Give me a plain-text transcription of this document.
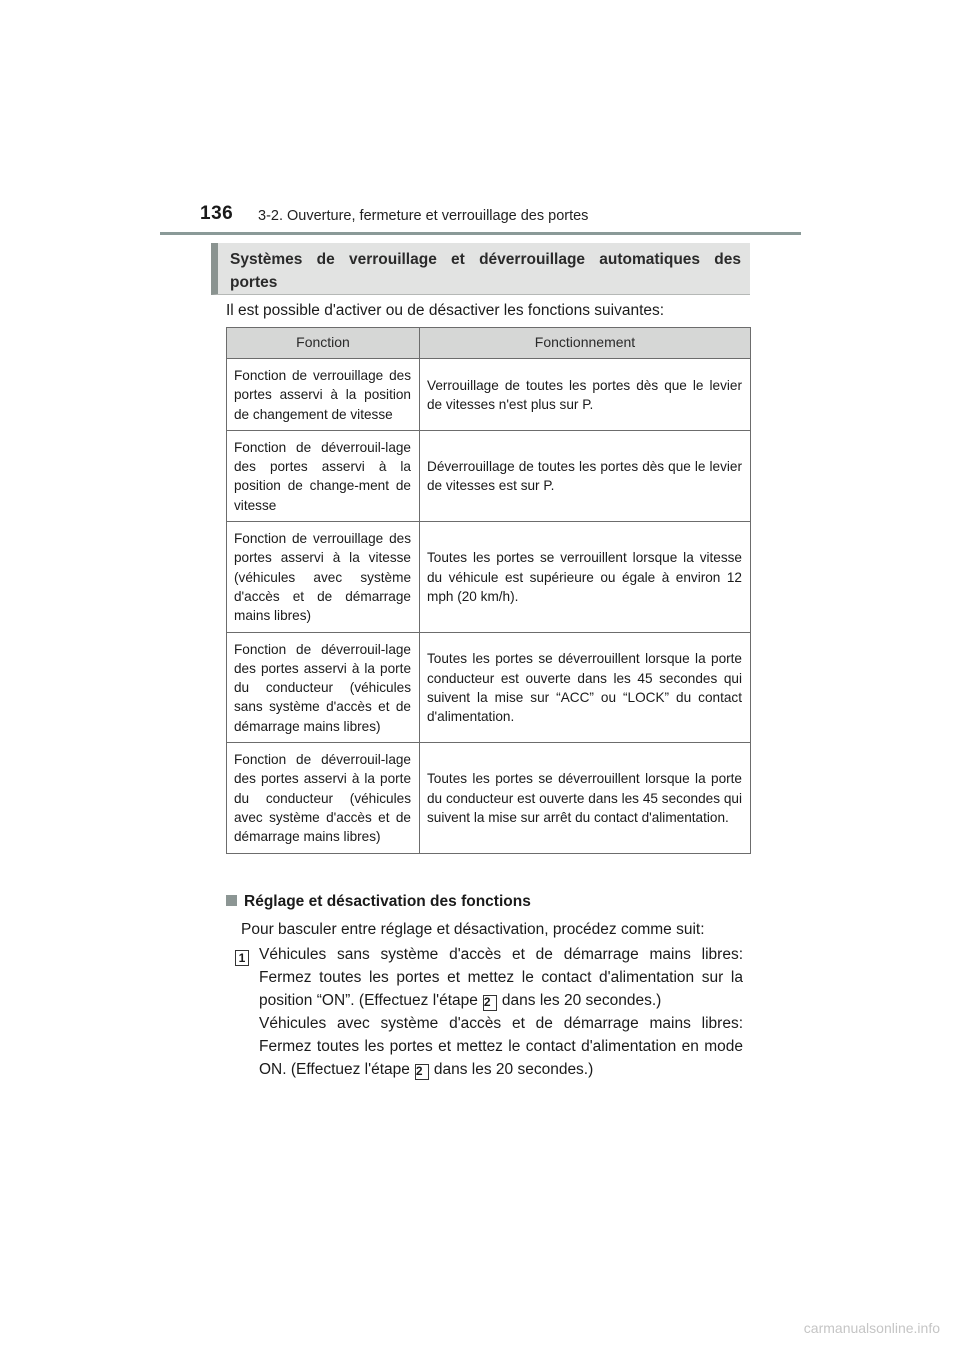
136 3-2. Ouverture, fermeture et verrouillage des portes
Systèmes de verrouillage et déverrouillage automatiques des portes
Il est possible d'activer ou de désactiver les fonctions suivantes:
Fonction	Fonctionnement
Fonction de verrouillage des portes asservi à la position de changement de vitesse	Verrouillage de toutes les portes dès que le levier de vitesses n'est plus sur P.
Fonction de déverrouil-lage des portes asservi à la position de change-ment de vitesse	Déverrouillage de toutes les portes dès que le levier de vitesses est sur P.
Fonction de verrouillage des portes asservi à la vitesse (véhicules avec système d'accès et de démarrage mains libres)	Toutes les portes se verrouillent lorsque la vitesse du véhicule est supérieure ou égale à environ 12 mph (20 km/h).
Fonction de déverrouil-lage des portes asservi à la porte du conducteur (véhicules sans système d'accès et de démarrage mains libres)	Toutes les portes se déverrouillent lorsque la porte conducteur est ouverte dans les 45 secondes qui suivent la mise sur “ACC” ou “LOCK” du contact d'alimentation.
Fonction de déverrouil-lage des portes asservi à la porte du conducteur (véhicules avec système d'accès et de démarrage mains libres)	Toutes les portes se déverrouillent lorsque la porte du conducteur est ouverte dans les 45 secondes qui suivent la mise sur arrêt du contact d'alimentation.
Réglage et désactivation des fonctions
Pour basculer entre réglage et désactivation, procédez comme suit:
1 Véhicules sans système d'accès et de démarrage mains libres: Fermez toutes les portes et mettez le contact d'alimentation sur la position “ON”. (Effectuez l'étape 2 dans les 20 secondes.)
Véhicules avec système d'accès et de démarrage mains libres: Fermez toutes les portes et mettez le contact d'alimentation en mode ON. (Effectuez l'étape 2 dans les 20 secondes.)
carmanualsonline.info
